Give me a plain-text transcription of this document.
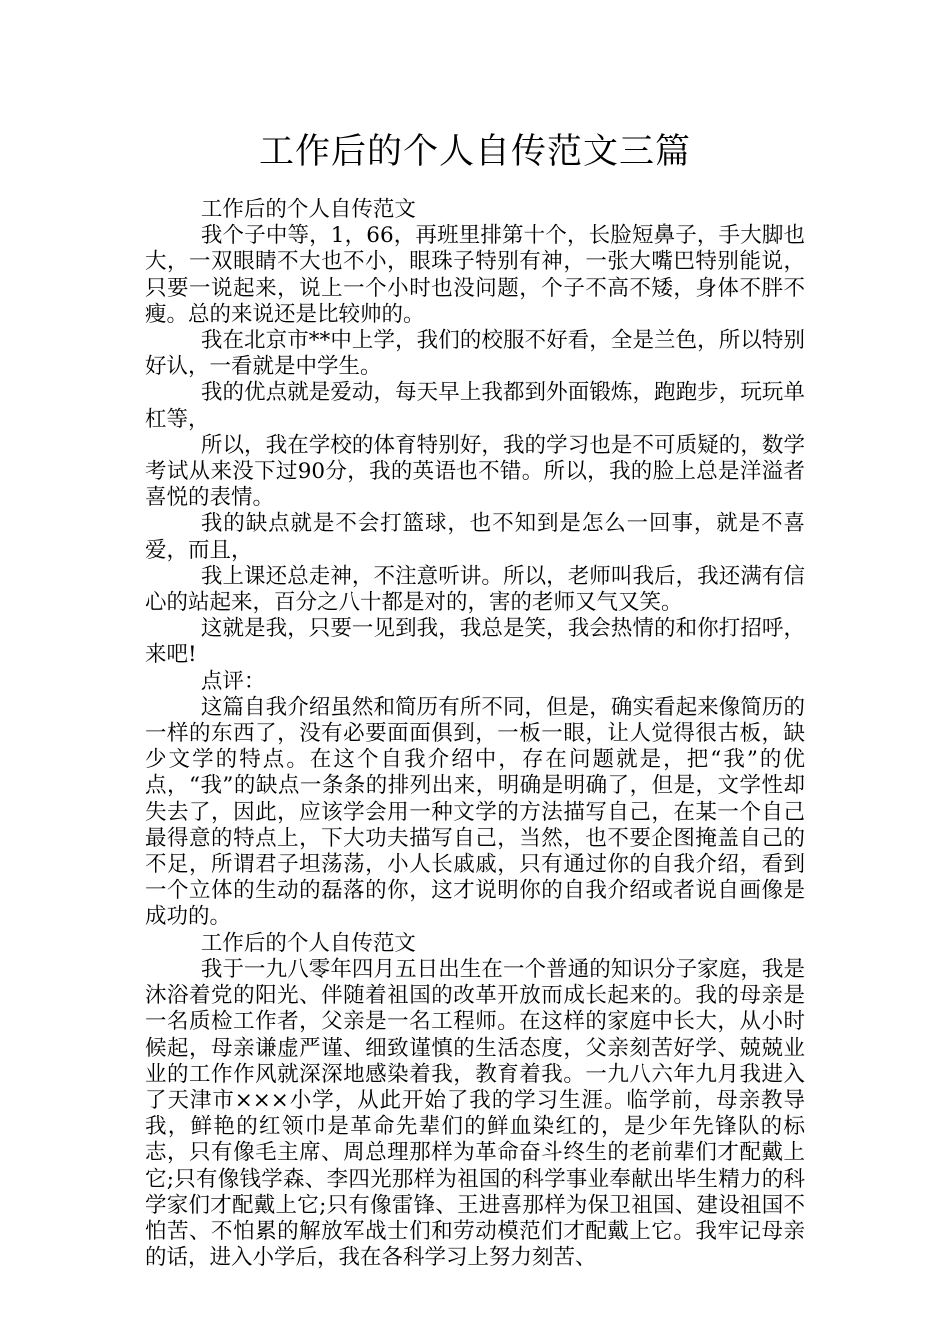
工作后的个人自传范文三篇

工作后的个人自传范文

我个子中等，1，66，再班里排第十个，长脸短鼻子，手大脚也大，一双眼睛不大也不小，眼珠子特别有神，一张大嘴巴特别能说，只要一说起来，说上一个小时也没问题，个子不高不矮，身体不胖不瘦。总的来说还是比较帅的。

我在北京市**中上学，我们的校服不好看，全是兰色，所以特别好认，一看就是中学生。

我的优点就是爱动，每天早上我都到外面锻炼，跑跑步，玩玩单杠等，

所以，我在学校的体育特别好，我的学习也是不可质疑的，数学考试从来没下过90分，我的英语也不错。所以，我的脸上总是洋溢者喜悦的表情。

我的缺点就是不会打篮球，也不知到是怎么一回事，就是不喜爱，而且，

我上课还总走神，不注意听讲。所以，老师叫我后，我还满有信心的站起来，百分之八十都是对的，害的老师又气又笑。

这就是我，只要一见到我，我总是笑，我会热情的和你打招呼，来吧!

点评：

这篇自我介绍虽然和简历有所不同，但是，确实看起来像简历的一样的东西了，没有必要面面俱到，一板一眼，让人觉得很古板，缺少文学的特点。在这个自我介绍中，存在问题就是，把“我”的优点，“我”的缺点一条条的排列出来，明确是明确了，但是，文学性却失去了，因此，应该学会用一种文学的方法描写自己，在某一个自己最得意的特点上，下大功夫描写自己，当然，也不要企图掩盖自己的不足，所谓君子坦荡荡，小人长戚戚，只有通过你的自我介绍，看到一个立体的生动的磊落的你，这才说明你的自我介绍或者说自画像是成功的。

工作后的个人自传范文

我于一九八零年四月五日出生在一个普通的知识分子家庭，我是沐浴着党的阳光、伴随着祖国的改革开放而成长起来的。我的母亲是一名质检工作者，父亲是一名工程师。在这样的家庭中长大，从小时候起，母亲谦虚严谨、细致谨慎的生活态度，父亲刻苦好学、兢兢业业的工作作风就深深地感染着我，教育着我。一九八六年九月我进入了天津市×××小学，从此开始了我的学习生涯。临学前，母亲教导我，鲜艳的红领巾是革命先辈们的鲜血染红的，是少年先锋队的标志，只有像毛主席、周总理那样为革命奋斗终生的老前辈们才配戴上它;只有像钱学森、李四光那样为祖国的科学事业奉献出毕生精力的科学家们才配戴上它;只有像雷锋、王进喜那样为保卫祖国、建设祖国不怕苦、不怕累的解放军战士们和劳动模范们才配戴上它。我牢记母亲的话，进入小学后，我在各科学习上努力刻苦、
